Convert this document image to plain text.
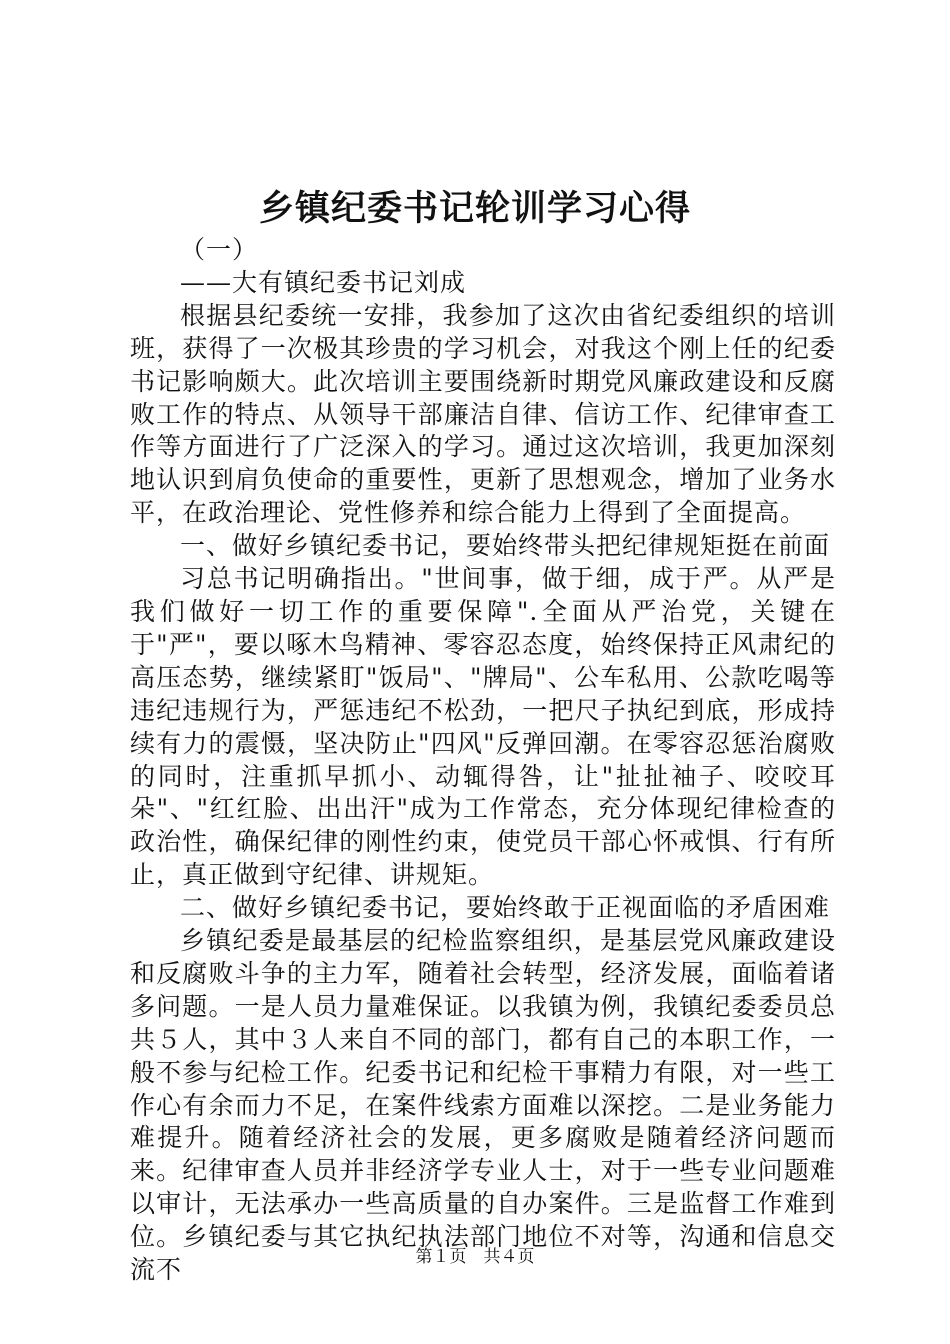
乡镇纪委书记轮训学习心得

（一）

——大有镇纪委书记刘成

根据县纪委统一安排，我参加了这次由省纪委组织的培训班，获得了一次极其珍贵的学习机会，对我这个刚上任的纪委书记影响颇大。此次培训主要围绕新时期党风廉政建设和反腐败工作的特点、从领导干部廉洁自律、信访工作、纪律审查工作等方面进行了广泛深入的学习。通过这次培训，我更加深刻地认识到肩负使命的重要性，更新了思想观念，增加了业务水平，在政治理论、党性修养和综合能力上得到了全面提高。

一、做好乡镇纪委书记，要始终带头把纪律规矩挺在前面

习总书记明确指出。"世间事，做于细，成于严。从严是我们做好一切工作的重要保障".全面从严治党，关键在于"严"，要以啄木鸟精神、零容忍态度，始终保持正风肃纪的高压态势，继续紧盯"饭局"、"牌局"、公车私用、公款吃喝等违纪违规行为，严惩违纪不松劲，一把尺子执纪到底，形成持续有力的震慑，坚决防止"四风"反弹回潮。在零容忍惩治腐败的同时，注重抓早抓小、动辄得咎，让"扯扯袖子、咬咬耳朵"、"红红脸、出出汗"成为工作常态，充分体现纪律检查的政治性，确保纪律的刚性约束，使党员干部心怀戒惧、行有所止，真正做到守纪律、讲规矩。

二、做好乡镇纪委书记，要始终敢于正视面临的矛盾困难

乡镇纪委是最基层的纪检监察组织，是基层党风廉政建设和反腐败斗争的主力军，随着社会转型，经济发展，面临着诸多问题。一是人员力量难保证。以我镇为例，我镇纪委委员总共５人，其中３人来自不同的部门，都有自己的本职工作，一般不参与纪检工作。纪委书记和纪检干事精力有限，对一些工作心有余而力不足，在案件线索方面难以深挖。二是业务能力难提升。随着经济社会的发展，更多腐败是随着经济问题而来。纪律审查人员并非经济学专业人士，对于一些专业问题难以审计，无法承办一些高质量的自办案件。三是监督工作难到位。乡镇纪委与其它执纪执法部门地位不对等，沟通和信息交流不	第１页　共４页
